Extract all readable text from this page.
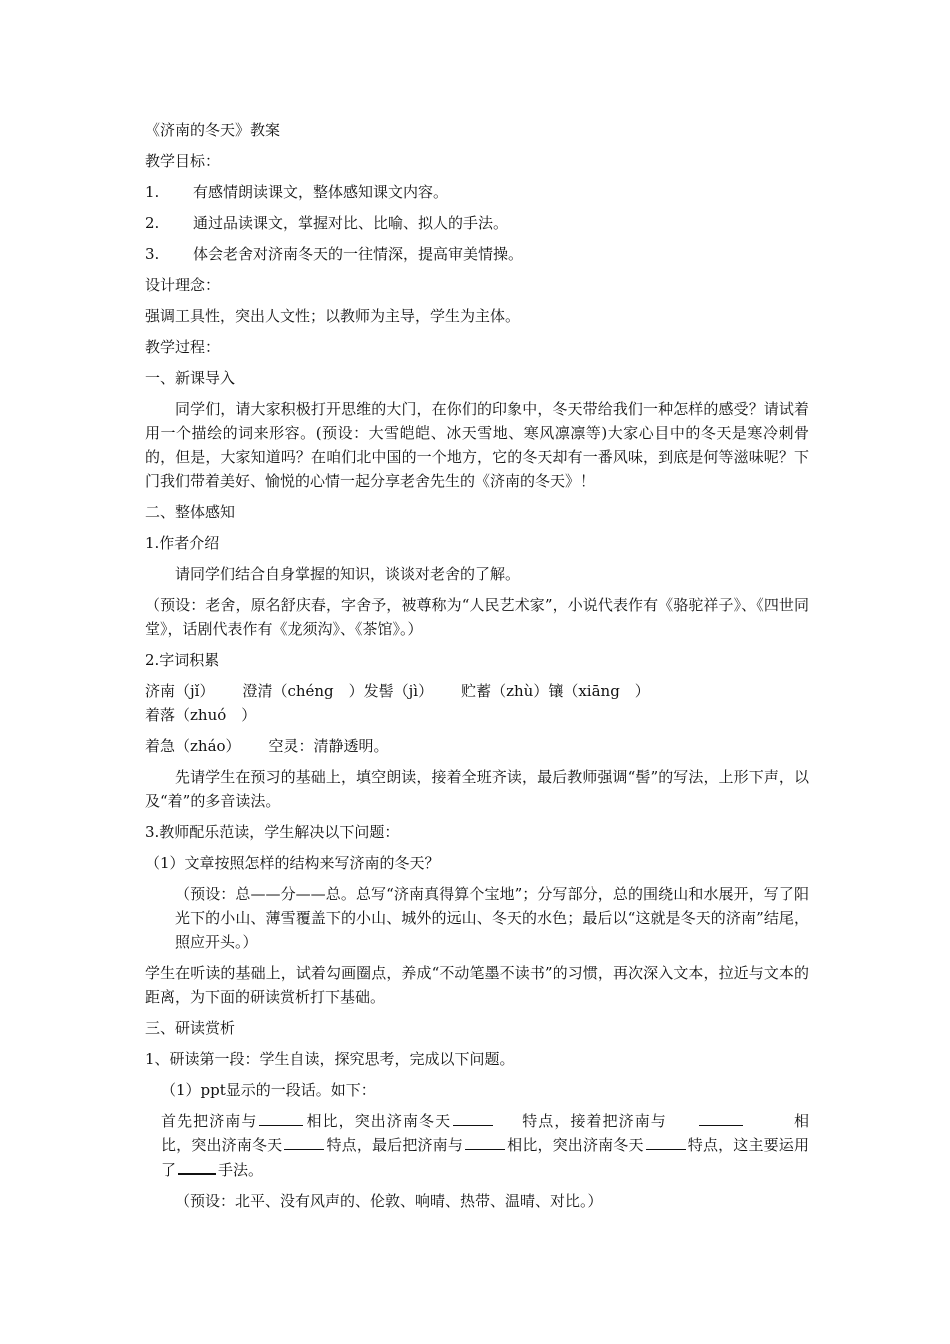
《济南的冬天》教案

教学目标：

1.	有感情朗读课文，整体感知课文内容。
2.	通过品读课文，掌握对比、比喻、拟人的手法。
3.	体会老舍对济南冬天的一往情深，提高审美情操。

设计理念：

强调工具性，突出人文性；以教师为主导，学生为主体。

教学过程：

一、新课导入

同学们，请大家积极打开思维的大门，在你们的印象中，冬天带给我们一种怎样的感受？请试着用一个描绘的词来形容。(预设：大雪皑皑、冰天雪地、寒风凛凛等)大家心目中的冬天是寒冷刺骨的，但是，大家知道吗？在咱们北中国的一个地方，它的冬天却有一番风味，到底是何等滋味呢？下门我们带着美好、愉悦的心情一起分享老舍先生的《济南的冬天》！

二、整体感知

1.作者介绍

请同学们结合自身掌握的知识，谈谈对老舍的了解。

（预设：老舍，原名舒庆春，字舍予，被尊称为“人民艺术家”，小说代表作有《骆驼祥子》、《四世同堂》，话剧代表作有《龙须沟》、《茶馆》。）

2.字词积累

济南（jǐ） 澄清（chéng　）发髻（jì） 贮蓄（zhù）镶（xiāng　）
着落（zhuó　）
着急（zháo） 空灵：清静透明。

先请学生在预习的基础上，填空朗读，接着全班齐读，最后教师强调“髻”的写法，上形下声，以及“着”的多音读法。

3.教师配乐范读，学生解决以下问题：

（1）文章按照怎样的结构来写济南的冬天？

（预设：总——分——总。总写“济南真得算个宝地”；分写部分，总的围绕山和水展开，写了阳光下的小山、薄雪覆盖下的小山、城外的远山、冬天的水色；最后以“这就是冬天的济南”结尾，照应开头。）

学生在听读的基础上，试着勾画圈点，养成“不动笔墨不读书”的习惯，再次深入文本，拉近与文本的距离，为下面的研读赏析打下基础。

三、研读赏析

1、研读第一段：学生自读，探究思考，完成以下问题。

（1）ppt显示的一段话。如下：

首先把济南与	相比，突出济南冬天	特点，接着把济南与	相比，突出济南冬天	特点，最后把济南与	相比，突出济南冬天	特点，这主要运用了	手法。

（预设：北平、没有风声的、伦敦、响晴、热带、温晴、对比。）
